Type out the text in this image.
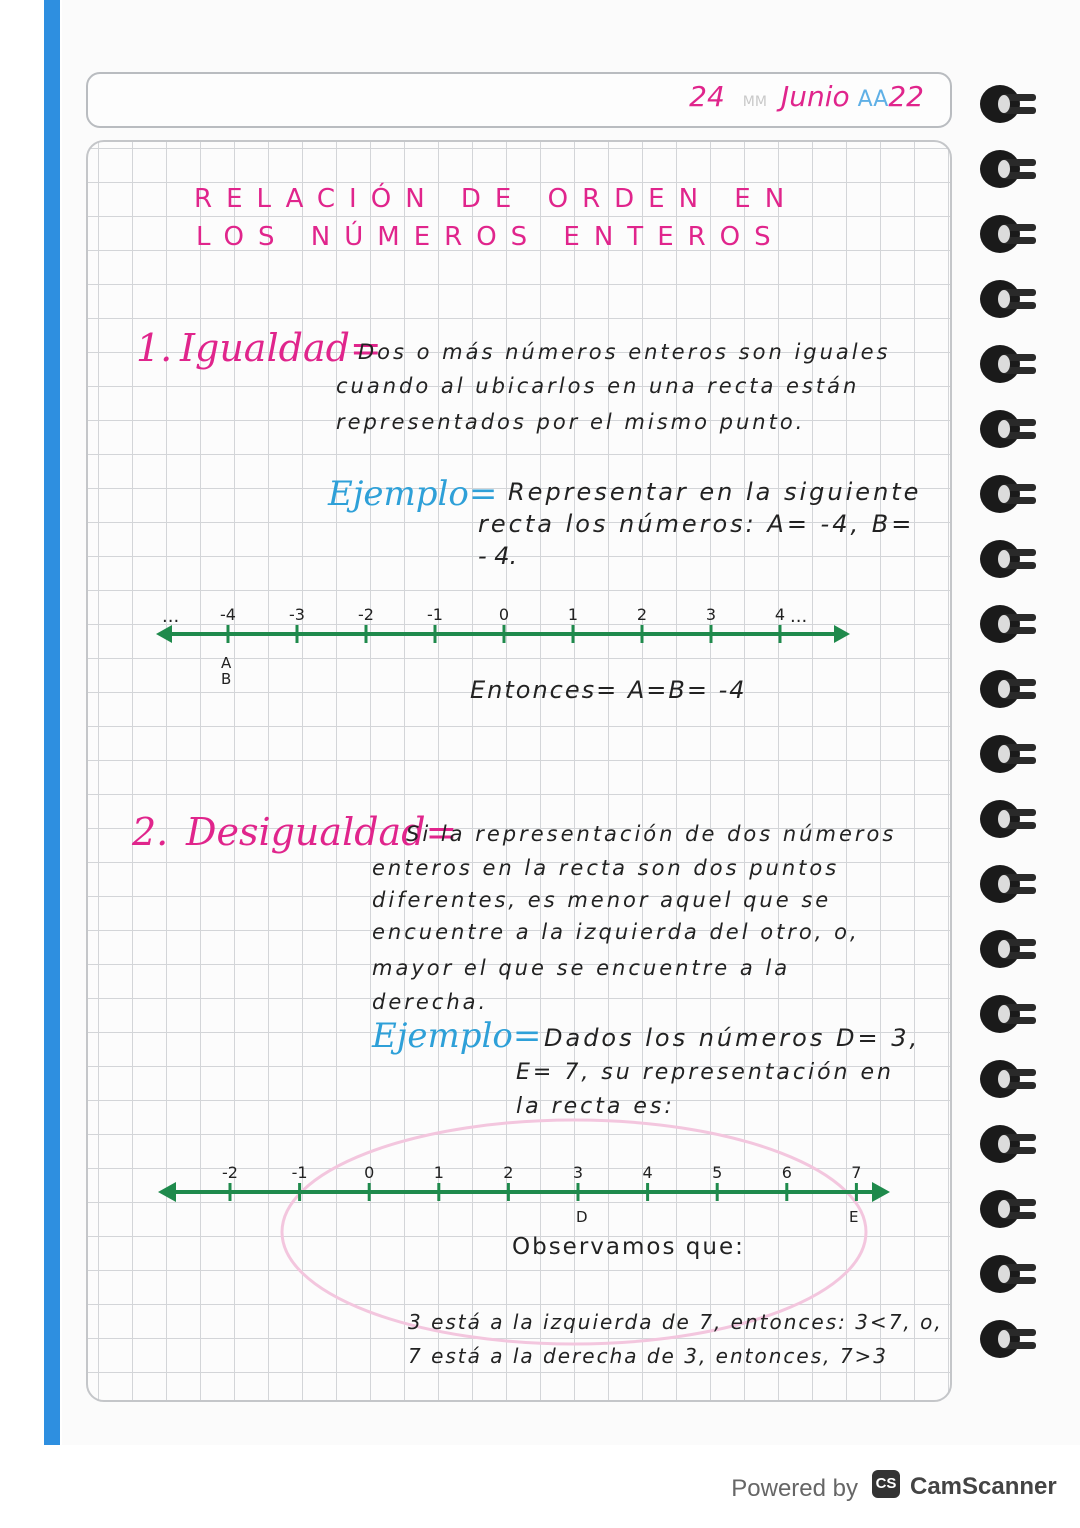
24 MM Junio AA22
RELACIÓN DE ORDEN EN
LOS NÚMEROS ENTEROS
1. Igualdad=
Dos o más números enteros son iguales
cuando al ubicarlos en una recta están
representados por el mismo punto.
Ejemplo= Representar en la siguiente
recta los números: A= -4, B=
- 4.
-4	-3	-2	-1	0	1	2	3	4
...	...
A
B	Entonces= A=B= -4
2. Desigualdad=
Si la representación de dos números
enteros en la recta son dos puntos
diferentes, es menor aquel que se
encuentre a la izquierda del otro, o,
mayor el que se encuentre a la
derecha.
Ejemplo= Dados los números D= 3,
E= 7, su representación en
la recta es:
-2	-1	0	1	2	3	4	5	6	7
D	E
Observamos que:
3 está a la izquierda de 7, entonces: 3<7, o,
7 está a la derecha de 3, entonces, 7>3
Powered by CS CamScanner
